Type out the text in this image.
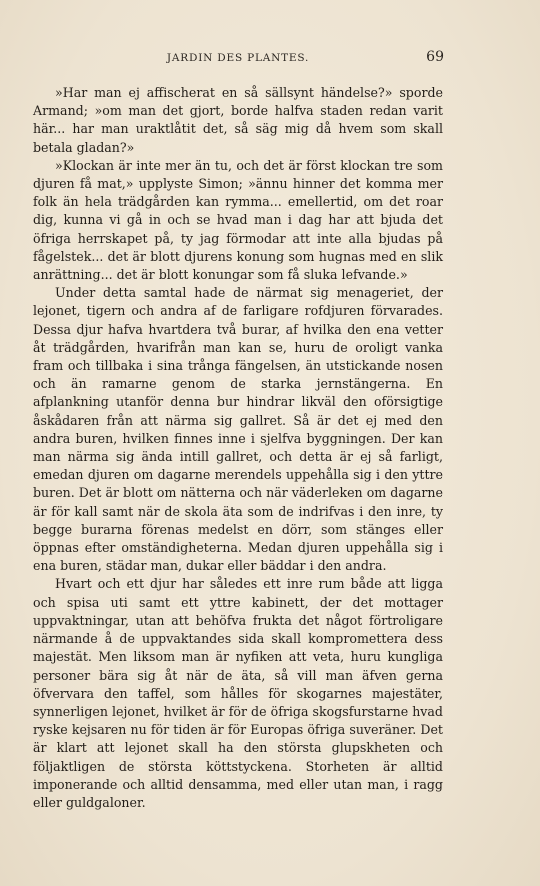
JARDIN DES PLANTES.	69

»Har man ej affischerat en så sällsynt händelse?» sporde Armand; »om man det gjort, borde halfva staden redan varit här... har man uraktlåtit det, så säg mig då hvem som skall betala gladan?»

»Klockan är inte mer än tu, och det är först klockan tre som djuren få mat,» upplyste Simon; »ännu hinner det komma mer folk än hela trädgården kan rymma... emellertid, om det roar dig, kunna vi gå in och se hvad man i dag har att bjuda det öfriga herrskapet på, ty jag förmodar att inte alla bjudas på fågelstek... det är blott djurens konung som hugnas med en slik anrättning... det är blott konungar som få sluka lefvande.»

Under detta samtal hade de närmat sig menageriet, der lejonet, tigern och andra af de farligare rofdjuren förvarades. Dessa djur hafva hvartdera två burar, af hvilka den ena vetter åt trädgården, hvarifrån man kan se, huru de oroligt vanka fram och tillbaka i sina trånga fängelsen, än utstickande nosen och än ramarne genom de starka jernstängerna. En afplankning utanför denna bur hindrar likväl den oförsigtige åskådaren från att närma sig gallret. Så är det ej med den andra buren, hvilken finnes inne i sjelfva byggningen. Der kan man närma sig ända intill gallret, och detta är ej så farligt, emedan djuren om dagarne merendels uppehålla sig i den yttre buren. Det är blott om nätterna och när väderleken om dagarne är för kall samt när de skola äta som de indrifvas i den inre, ty begge burarna förenas medelst en dörr, som stänges eller öppnas efter omständigheterna. Medan djuren uppehålla sig i ena buren, städar man, dukar eller bäddar i den andra.

Hvart och ett djur har således ett inre rum både att ligga och spisa uti samt ett yttre kabinett, der det mottager uppvaktningar, utan att behöfva frukta det något förtroligare närmande å de uppvaktandes sida skall kompromettera dess majestät. Men liksom man är nyfiken att veta, huru kungliga personer bära sig åt när de äta, så vill man äfven gerna öfvervara den taffel, som hålles för skogarnes majestäter, synnerligen lejonet, hvilket är för de öfriga skogsfurstarne hvad ryske kejsaren nu för tiden är för Europas öfriga suveräner. Det är klart att lejonet skall ha den största glupskheten och följaktligen de största köttstyckena. Storheten är alltid imponerande och alltid densamma, med eller utan man, i ragg eller guldgaloner.
